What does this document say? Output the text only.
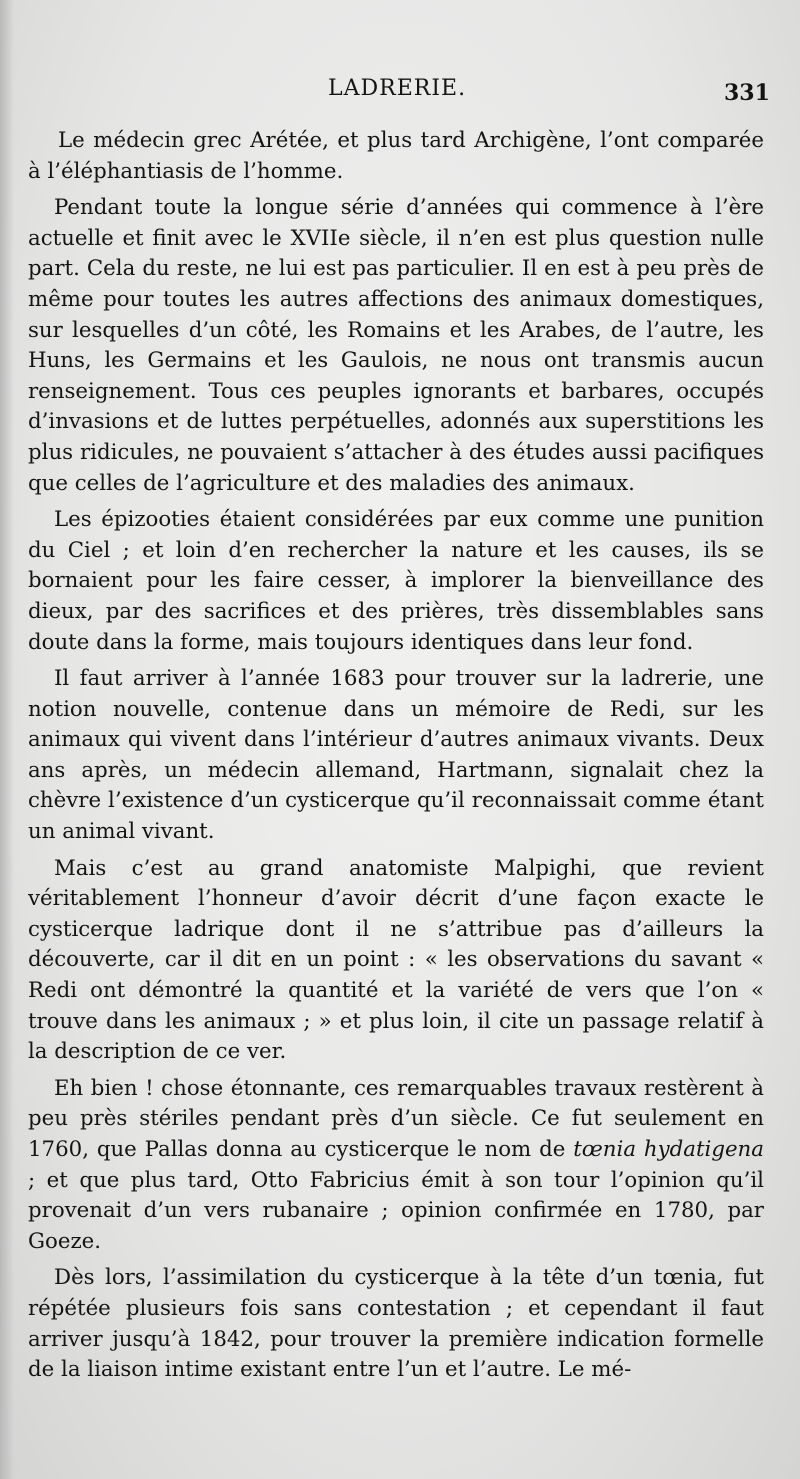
LADRERIE.	331

Le médecin grec Arétée, et plus tard Archigène, l’ont comparée à l’éléphantiasis de l’homme.

Pendant toute la longue série d’années qui commence à l’ère actuelle et finit avec le XVIIe siècle, il n’en est plus question nulle part. Cela du reste, ne lui est pas particulier. Il en est à peu près de même pour toutes les autres affections des animaux domestiques, sur lesquelles d’un côté, les Romains et les Arabes, de l’autre, les Huns, les Germains et les Gaulois, ne nous ont transmis aucun renseignement. Tous ces peuples ignorants et barbares, occupés d’invasions et de luttes perpétuelles, adonnés aux superstitions les plus ridicules, ne pouvaient s’attacher à des études aussi pacifiques que celles de l’agriculture et des maladies des animaux.

Les épizooties étaient considérées par eux comme une punition du Ciel ; et loin d’en rechercher la nature et les causes, ils se bornaient pour les faire cesser, à implorer la bienveillance des dieux, par des sacrifices et des prières, très dissemblables sans doute dans la forme, mais toujours identiques dans leur fond.

Il faut arriver à l’année 1683 pour trouver sur la ladrerie, une notion nouvelle, contenue dans un mémoire de Redi, sur les animaux qui vivent dans l’intérieur d’autres animaux vivants. Deux ans après, un médecin allemand, Hartmann, signalait chez la chèvre l’existence d’un cysticerque qu’il reconnaissait comme étant un animal vivant.

Mais c’est au grand anatomiste Malpighi, que revient véritablement l’honneur d’avoir décrit d’une façon exacte le cysticerque ladrique dont il ne s’attribue pas d’ailleurs la découverte, car il dit en un point : « les observations du savant « Redi ont démontré la quantité et la variété de vers que l’on « trouve dans les animaux ; » et plus loin, il cite un passage relatif à la description de ce ver.

Eh bien ! chose étonnante, ces remarquables travaux restèrent à peu près stériles pendant près d’un siècle. Ce fut seulement en 1760, que Pallas donna au cysticerque le nom de tœnia hydatigena ; et que plus tard, Otto Fabricius émit à son tour l’opinion qu’il provenait d’un vers rubanaire ; opinion confirmée en 1780, par Goeze.

Dès lors, l’assimilation du cysticerque à la tête d’un tœnia, fut répétée plusieurs fois sans contestation ; et cependant il faut arriver jusqu’à 1842, pour trouver la première indication formelle de la liaison intime existant entre l’un et l’autre. Le mé-
